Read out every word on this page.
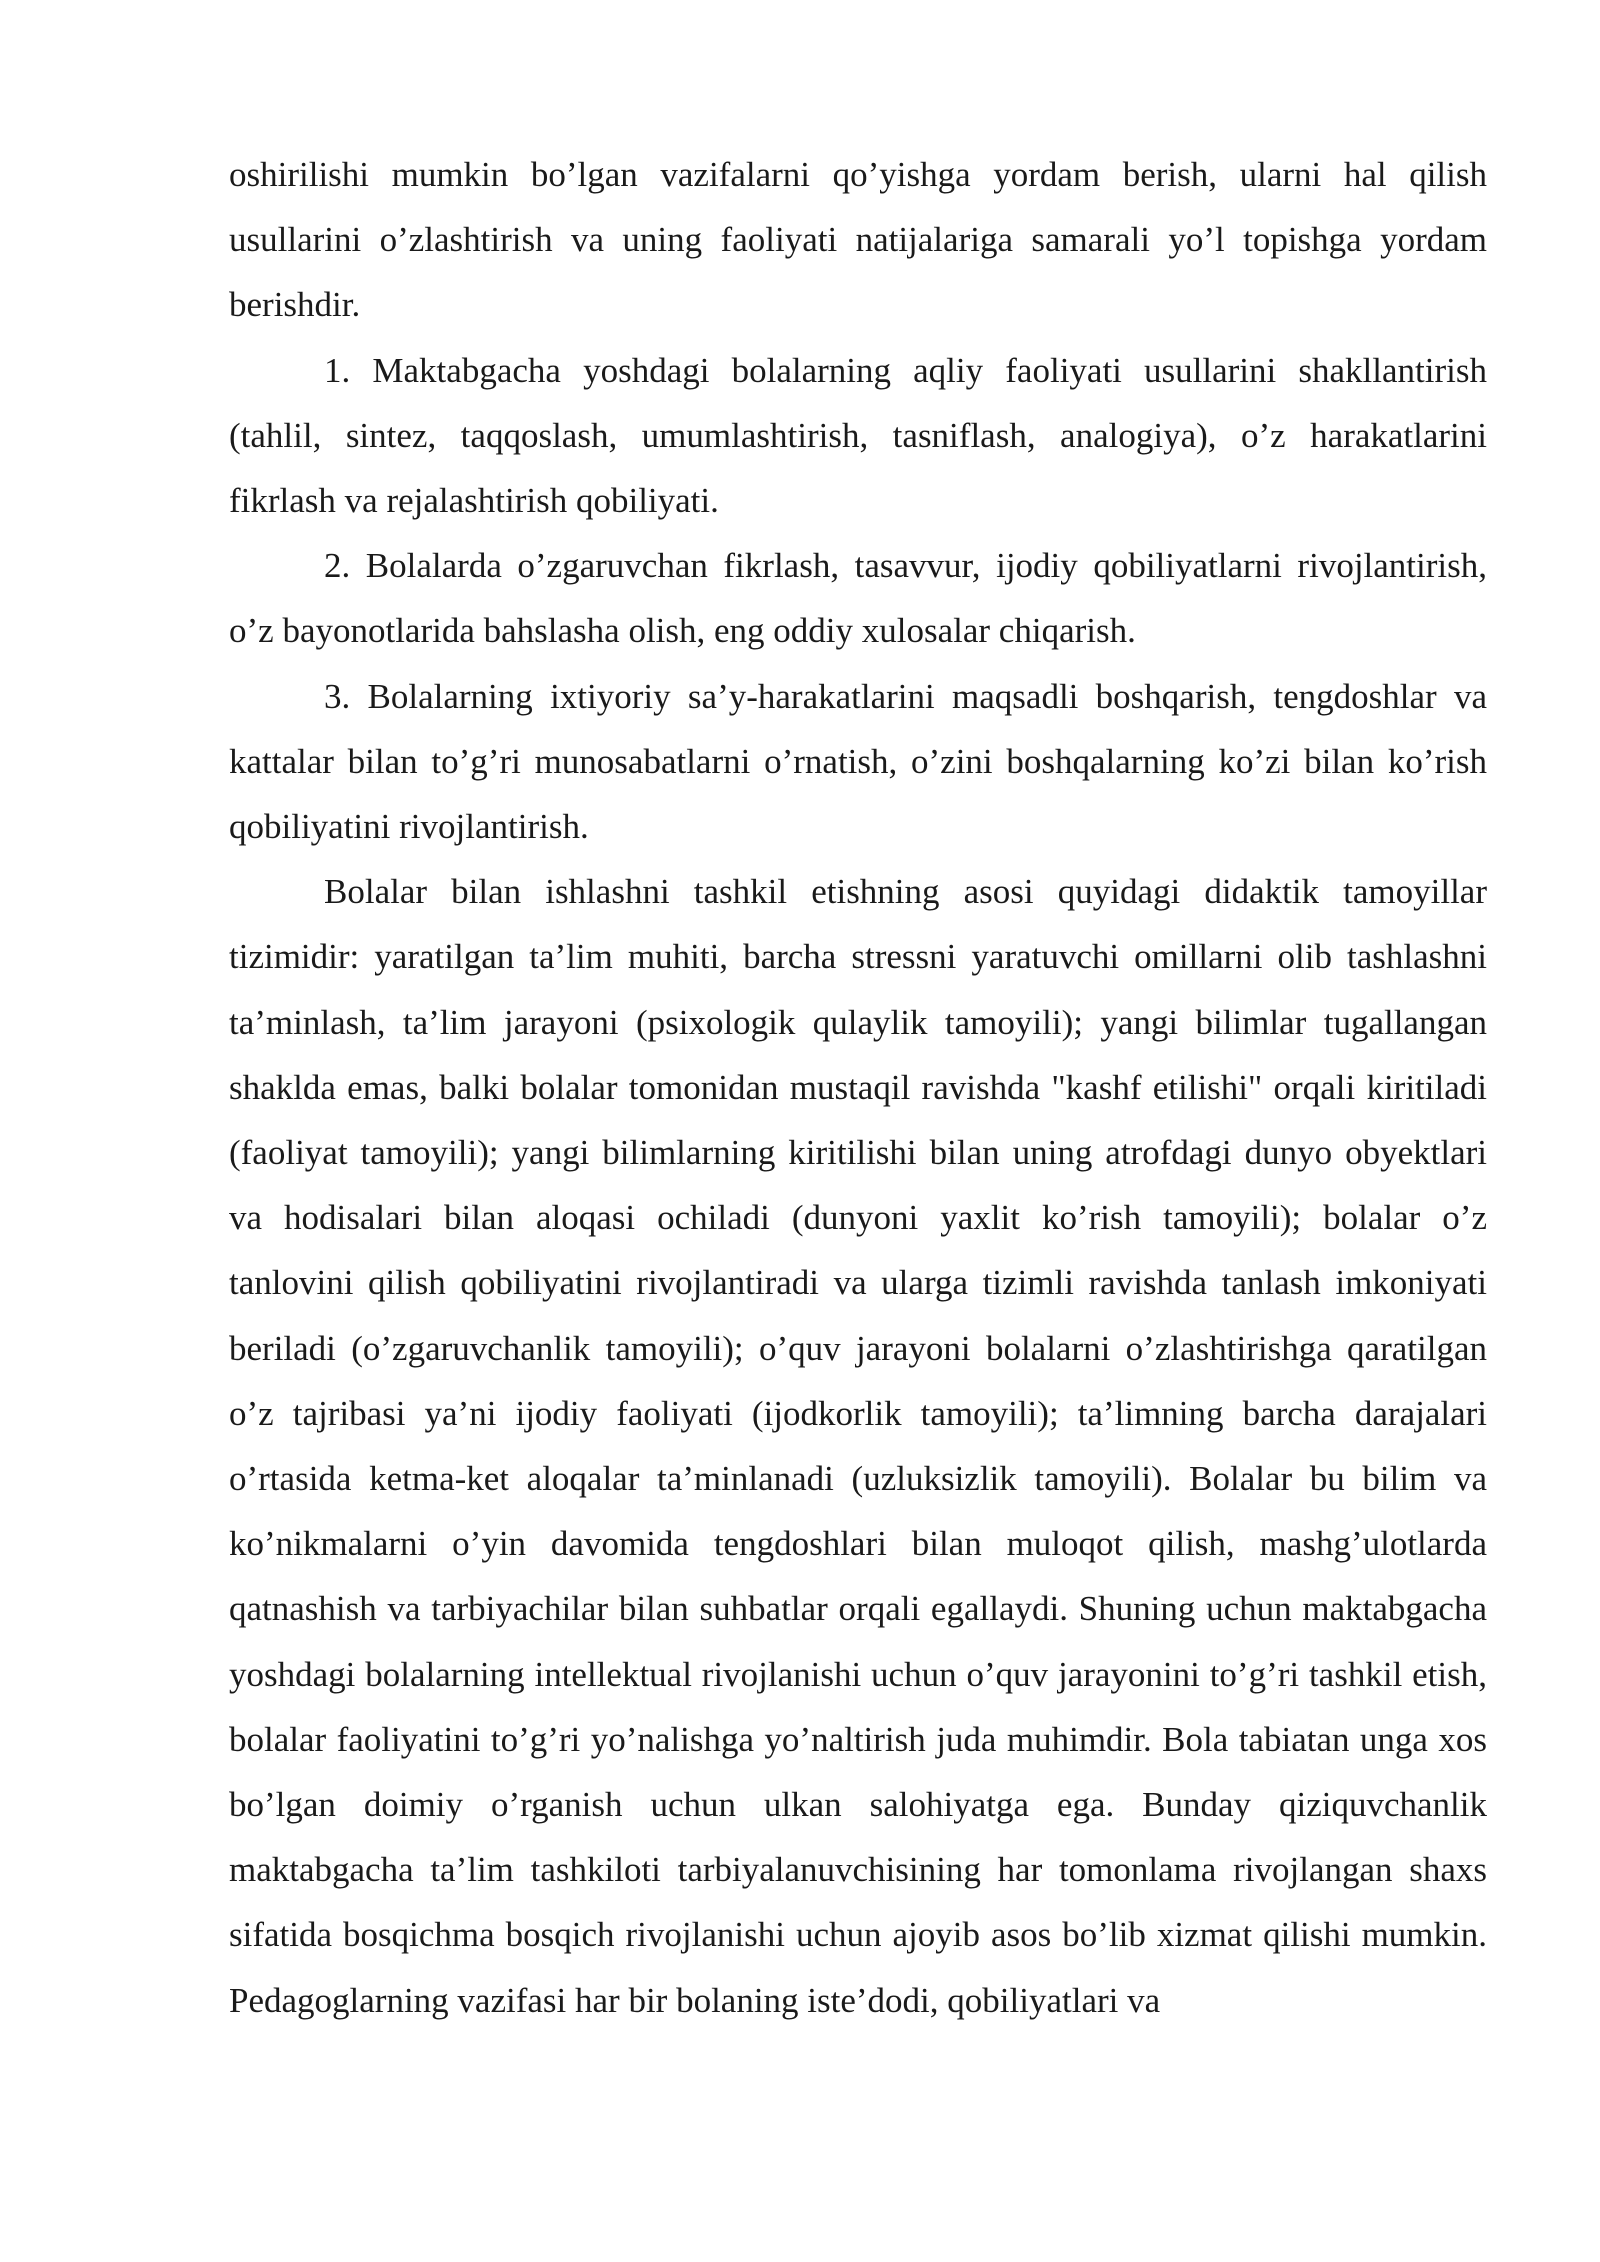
oshirilishi mumkin bo’lgan vazifalarni qo’yishga yordam berish, ularni hal qilish usullarini o’zlashtirish va uning faoliyati natijalariga samarali yo’l topishga yordam berishdir.

1. Maktabgacha yoshdagi bolalarning aqliy faoliyati usullarini shakllantirish (tahlil, sintez, taqqoslash, umumlashtirish, tasniflash, analogiya), o’z harakatlarini fikrlash va rejalashtirish qobiliyati.

2. Bolalarda o’zgaruvchan fikrlash, tasavvur, ijodiy qobiliyatlarni rivojlantirish, o’z bayonotlarida bahslasha olish, eng oddiy xulosalar chiqarish.

3. Bolalarning ixtiyoriy sa’y-harakatlarini maqsadli boshqarish, tengdoshlar va kattalar bilan to’g’ri munosabatlarni o’rnatish, o’zini boshqalarning ko’zi bilan ko’rish qobiliyatini rivojlantirish.

Bolalar bilan ishlashni tashkil etishning asosi quyidagi didaktik tamoyillar tizimidir: yaratilgan ta’lim muhiti, barcha stressni yaratuvchi omillarni olib tashlashni ta’minlash, ta’lim jarayoni (psixologik qulaylik tamoyili); yangi bilimlar tugallangan shaklda emas, balki bolalar tomonidan mustaqil ravishda "kashf etilishi" orqali kiritiladi (faoliyat tamoyili); yangi bilimlarning kiritilishi bilan uning atrofdagi dunyo obyektlari va hodisalari bilan aloqasi ochiladi (dunyoni yaxlit ko’rish tamoyili); bolalar o’z tanlovini qilish qobiliyatini rivojlantiradi va ularga tizimli ravishda tanlash imkoniyati beriladi (o’zgaruvchanlik tamoyili); o’quv jarayoni bolalarni o’zlashtirishga qaratilgan o’z tajribasi ya’ni ijodiy faoliyati (ijodkorlik tamoyili); ta’limning barcha darajalari o’rtasida ketma-ket aloqalar ta’minlanadi (uzluksizlik tamoyili). Bolalar bu bilim va ko’nikmalarni o’yin davomida tengdoshlari bilan muloqot qilish, mashg’ulotlarda qatnashish va tarbiyachilar bilan suhbatlar orqali egallaydi. Shuning uchun maktabgacha yoshdagi bolalarning intellektual rivojlanishi uchun o’quv jarayonini to’g’ri tashkil etish, bolalar faoliyatini to’g’ri yo’nalishga yo’naltirish juda muhimdir. Bola tabiatan unga xos bo’lgan doimiy o’rganish uchun ulkan salohiyatga ega. Bunday qiziquvchanlik maktabgacha ta’lim tashkiloti tarbiyalanuvchisining har tomonlama rivojlangan shaxs sifatida bosqichma bosqich rivojlanishi uchun ajoyib asos bo’lib xizmat qilishi mumkin. Pedagoglarning vazifasi har bir bolaning iste’dodi, qobiliyatlari va
